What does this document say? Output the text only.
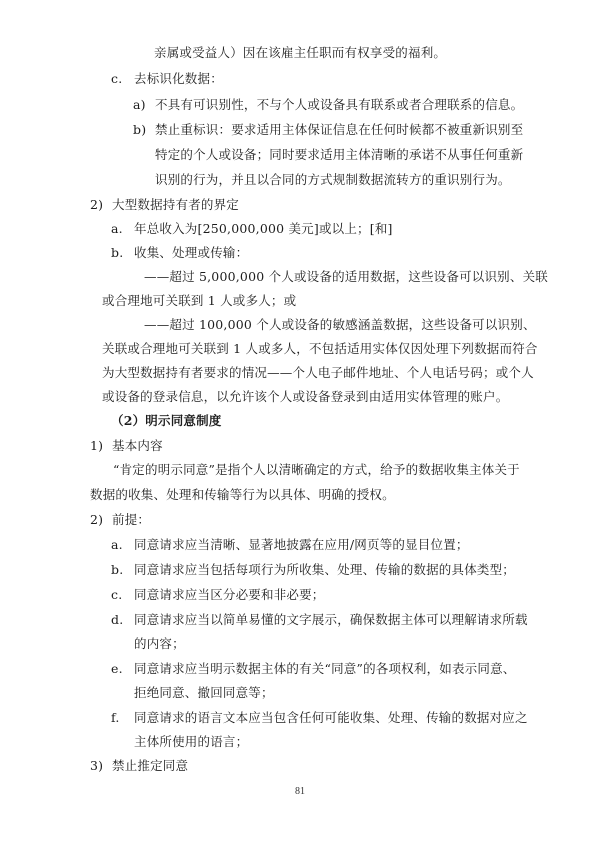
亲属或受益人）因在该雇主任职而有权享受的福利。
c. 去标识化数据：
a) 不具有可识别性，不与个人或设备具有联系或者合理联系的信息。
b) 禁止重标识：要求适用主体保证信息在任何时候都不被重新识别至
特定的个人或设备；同时要求适用主体清晰的承诺不从事任何重新
识别的行为，并且以合同的方式规制数据流转方的重识别行为。
2) 大型数据持有者的界定
a. 年总收入为[250,000,000 美元]或以上；[和]
b. 收集、处理或传输：
——超过 5,000,000 个人或设备的适用数据，这些设备可以识别、关联
或合理地可关联到 1 人或多人；或
——超过 100,000 个人或设备的敏感涵盖数据，这些设备可以识别、
关联或合理地可关联到 1 人或多人，不包括适用实体仅因处理下列数据而符合
为大型数据持有者要求的情况——个人电子邮件地址、个人电话号码；或个人
或设备的登录信息，以允许该个人或设备登录到由适用实体管理的账户。
（2）明示同意制度
1) 基本内容
“肯定的明示同意”是指个人以清晰确定的方式，给予的数据收集主体关于
数据的收集、处理和传输等行为以具体、明确的授权。
2) 前提：
a. 同意请求应当清晰、显著地披露在应用/网页等的显目位置；
b. 同意请求应当包括每项行为所收集、处理、传输的数据的具体类型；
c. 同意请求应当区分必要和非必要；
d. 同意请求应当以简单易懂的文字展示，确保数据主体可以理解请求所载
的内容；
e. 同意请求应当明示数据主体的有关“同意”的各项权利，如表示同意、
拒绝同意、撤回同意等；
f. 同意请求的语言文本应当包含任何可能收集、处理、传输的数据对应之
主体所使用的语言；
3) 禁止推定同意
81
